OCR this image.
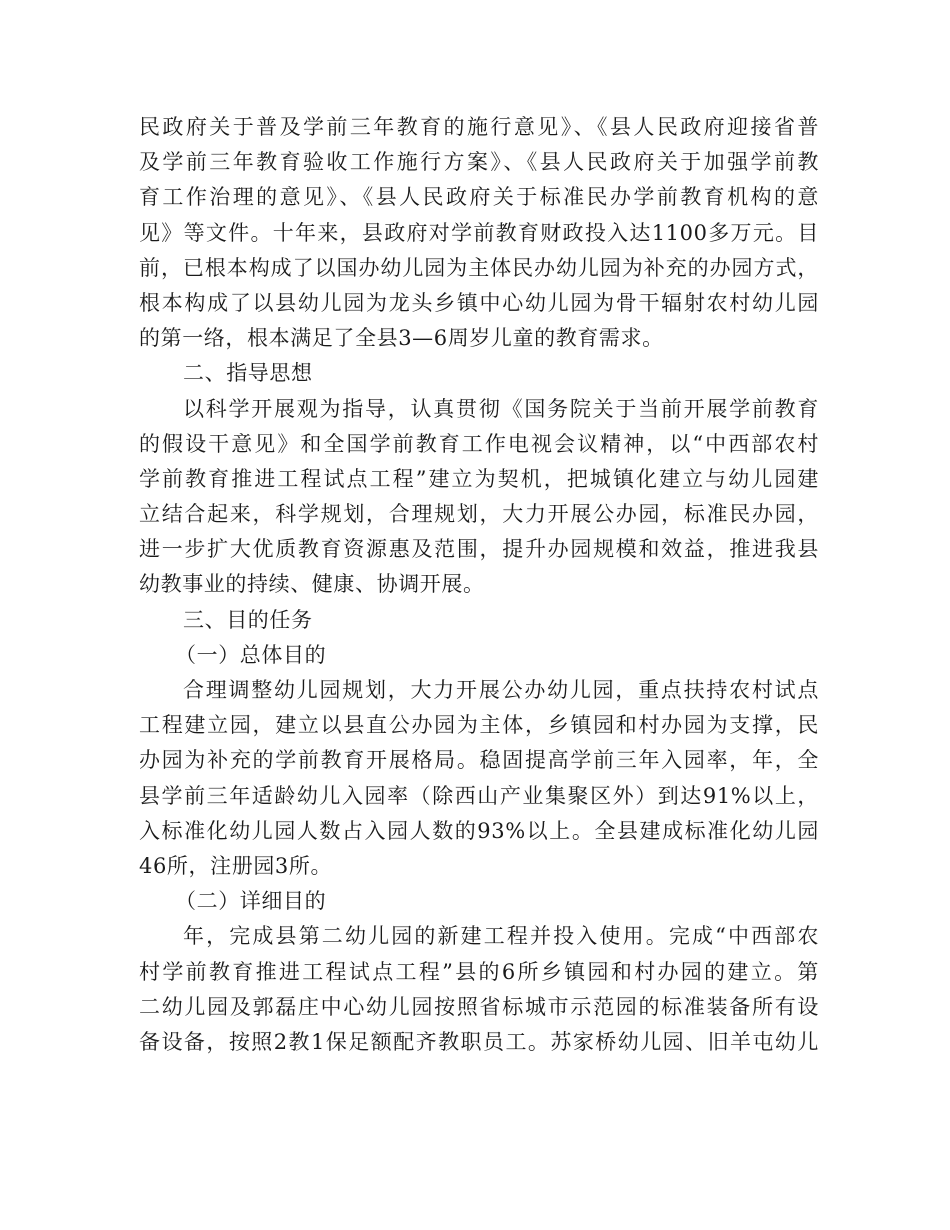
民政府关于普及学前三年教育的施行意见》、《县人民政府迎接省普
及学前三年教育验收工作施行方案》、《县人民政府关于加强学前教
育工作治理的意见》、《县人民政府关于标准民办学前教育机构的意
见》等文件。十年来，县政府对学前教育财政投入达1100多万元。目
前，已根本构成了以国办幼儿园为主体民办幼儿园为补充的办园方式，
根本构成了以县幼儿园为龙头乡镇中心幼儿园为骨干辐射农村幼儿园
的第一络，根本满足了全县3—6周岁儿童的教育需求。
二、指导思想
以科学开展观为指导，认真贯彻《国务院关于当前开展学前教育
的假设干意见》和全国学前教育工作电视会议精神，以“中西部农村
学前教育推进工程试点工程”建立为契机，把城镇化建立与幼儿园建
立结合起来，科学规划，合理规划，大力开展公办园，标准民办园，
进一步扩大优质教育资源惠及范围，提升办园规模和效益，推进我县
幼教事业的持续、健康、协调开展。
三、目的任务
（一）总体目的
合理调整幼儿园规划，大力开展公办幼儿园，重点扶持农村试点
工程建立园，建立以县直公办园为主体，乡镇园和村办园为支撑，民
办园为补充的学前教育开展格局。稳固提高学前三年入园率，年，全
县学前三年适龄幼儿入园率（除西山产业集聚区外）到达91%以上，
入标准化幼儿园人数占入园人数的93%以上。全县建成标准化幼儿园
46所，注册园3所。
（二）详细目的
年，完成县第二幼儿园的新建工程并投入使用。完成“中西部农
村学前教育推进工程试点工程”县的6所乡镇园和村办园的建立。第
二幼儿园及郭磊庄中心幼儿园按照省标城市示范园的标准装备所有设
备设备，按照2教1保足额配齐教职员工。苏家桥幼儿园、旧羊屯幼儿
